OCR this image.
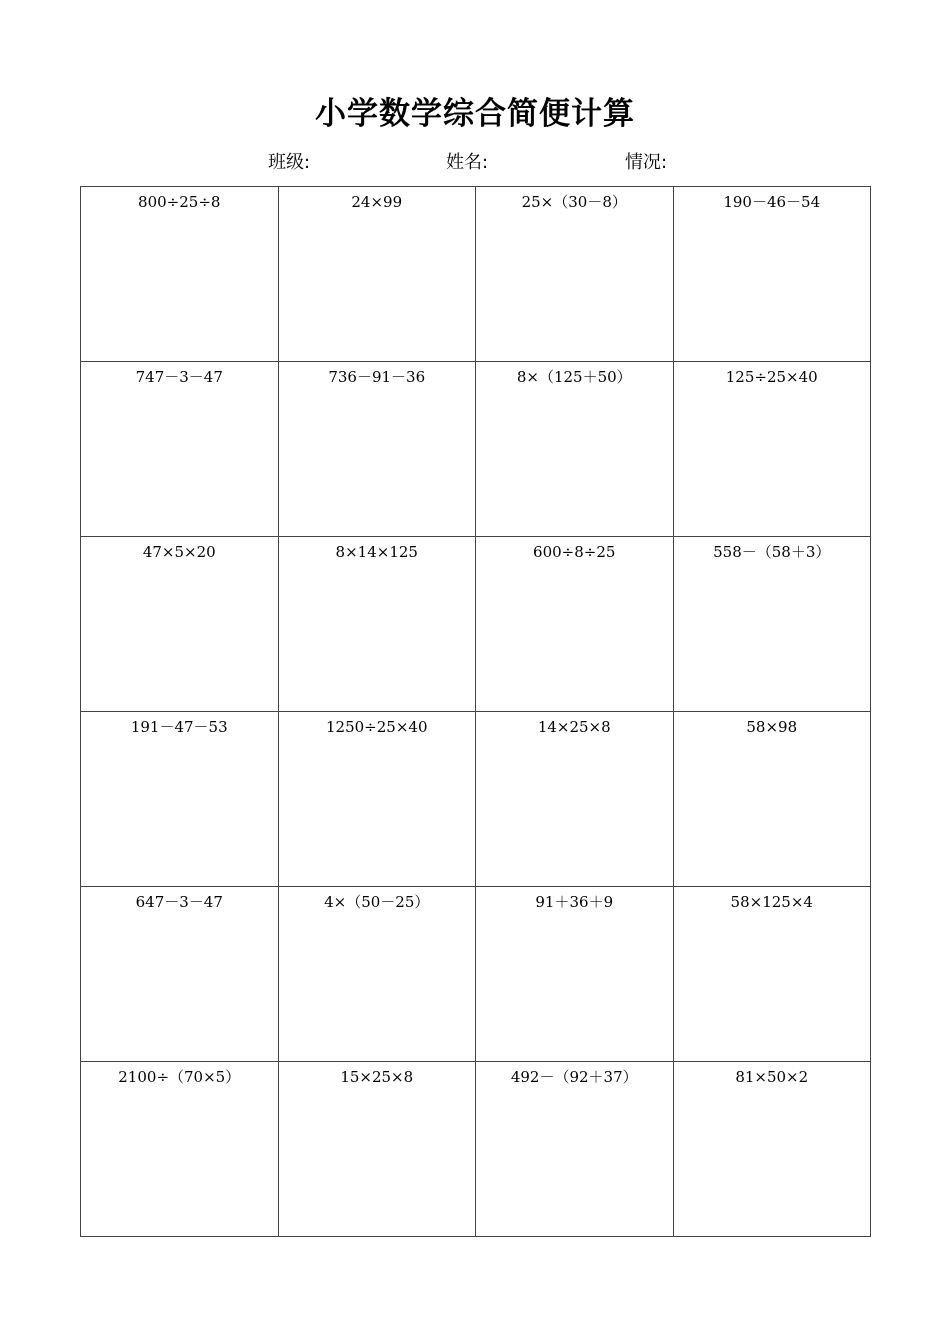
小学数学综合简便计算
班级:	姓名:	情况:
800÷25÷8	24×99	25×（30－8）	190－46－54
747－3－47	736－91－36	8×（125＋50）	125÷25×40
47×5×20	8×14×125	600÷8÷25	558－（58＋3）
191－47－53	1250÷25×40	14×25×8	58×98
647－3－47	4×（50－25）	91＋36＋9	58×125×4
2100÷（70×5）	15×25×8	492－（92＋37）	81×50×2
